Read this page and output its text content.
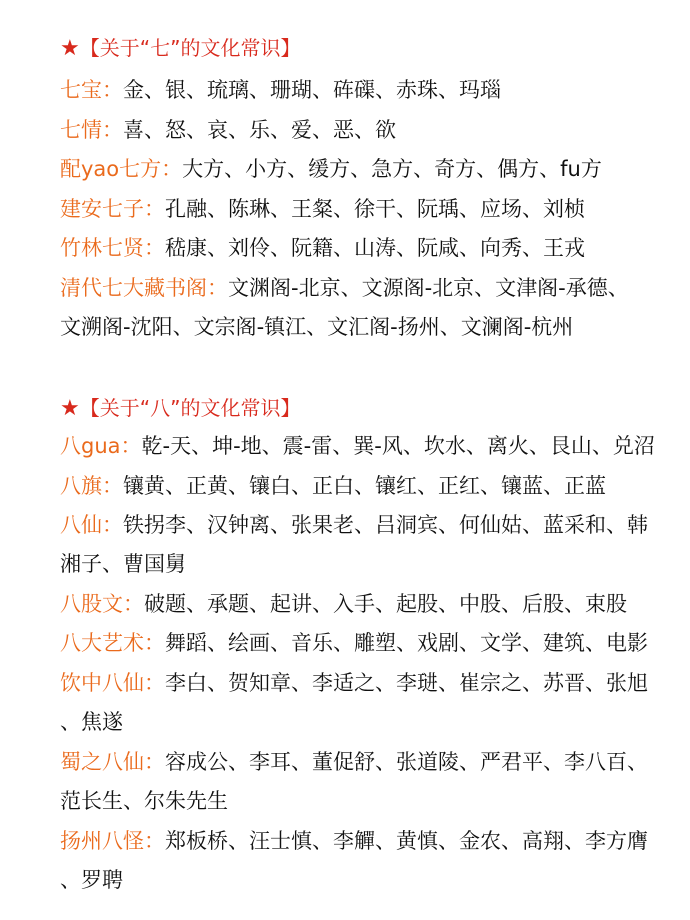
★【关于“七”的文化常识】
七宝：金、银、琉璃、珊瑚、砗磲、赤珠、玛瑙
七情：喜、怒、哀、乐、爱、恶、欲
配yao七方：大方、小方、缓方、急方、奇方、偶方、fu方
建安七子：孔融、陈琳、王粲、徐干、阮瑀、应场、刘桢
竹林七贤：嵇康、刘伶、阮籍、山涛、阮咸、向秀、王戎
清代七大藏书阁：文渊阁-北京、文源阁-北京、文津阁-承德、
文溯阁-沈阳、文宗阁-镇江、文汇阁-扬州、文澜阁-杭州
★【关于“八”的文化常识】
八gua：乾-天、坤-地、震-雷、巽-风、坎水、离火、艮山、兑沼
八旗：镶黄、正黄、镶白、正白、镶红、正红、镶蓝、正蓝
八仙：铁拐李、汉钟离、张果老、吕洞宾、何仙姑、蓝采和、韩
湘子、曹国舅
八股文：破题、承题、起讲、入手、起股、中股、后股、束股
八大艺术：舞蹈、绘画、音乐、雕塑、戏剧、文学、建筑、电影
饮中八仙：李白、贺知章、李适之、李琎、崔宗之、苏晋、张旭
、焦遂
蜀之八仙：容成公、李耳、董促舒、张道陵、严君平、李八百、
范长生、尔朱先生
扬州八怪：郑板桥、汪士慎、李觶、黄慎、金农、高翔、李方膺
、罗聘
